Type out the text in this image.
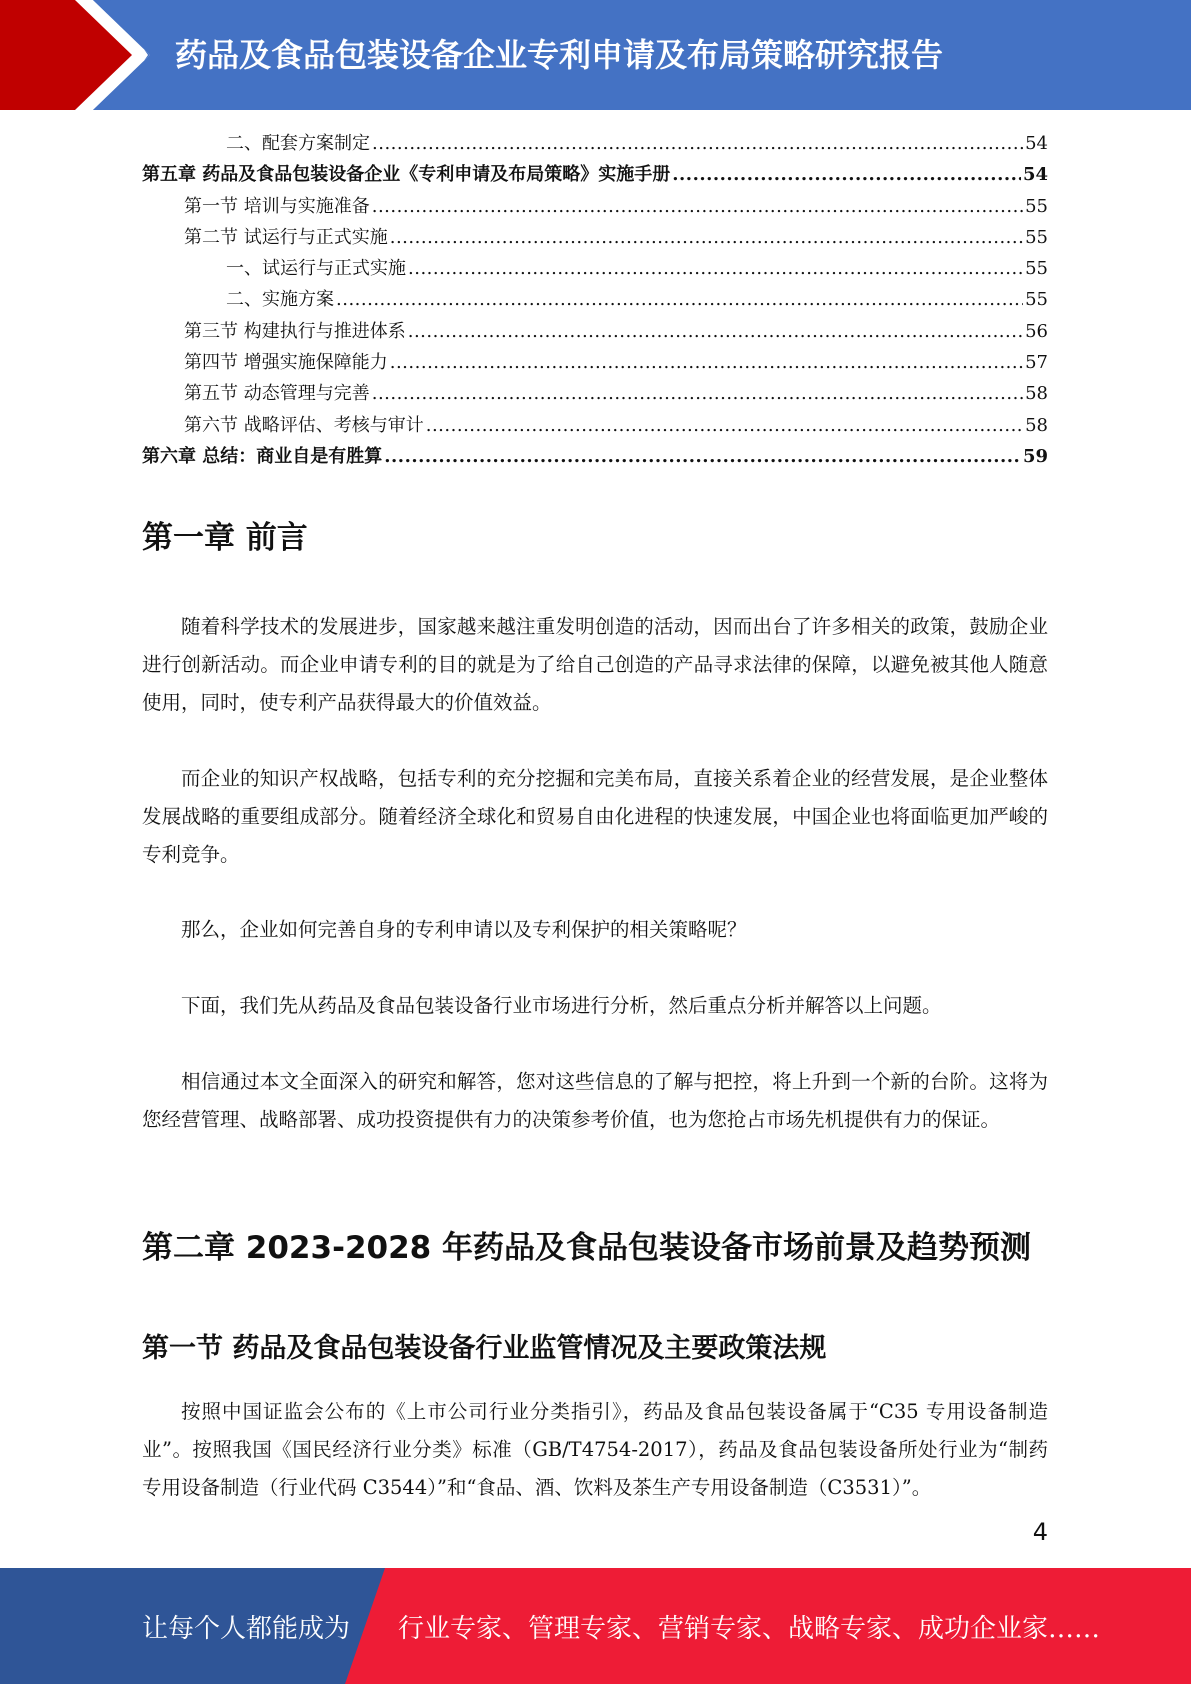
药品及食品包装设备企业专利申请及布局策略研究报告
二、配套方案制定 .....	54
第五章 药品及食品包装设备企业《专利申请及布局策略》实施手册 .....	54
第一节 培训与实施准备 .....	55
第二节 试运行与正式实施 .....	55
一、试运行与正式实施 .....	55
二、实施方案 .....	55
第三节 构建执行与推进体系 .....	56
第四节 增强实施保障能力 .....	57
第五节 动态管理与完善 .....	58
第六节 战略评估、考核与审计 .....	58
第六章 总结：商业自是有胜算 .....	59
第一章 前言

随着科学技术的发展进步，国家越来越注重发明创造的活动，因而出台了许多相关的政策，鼓励企业进行创新活动。而企业申请专利的目的就是为了给自己创造的产品寻求法律的保障，以避免被其他人随意使用，同时，使专利产品获得最大的价值效益。

而企业的知识产权战略，包括专利的充分挖掘和完美布局，直接关系着企业的经营发展，是企业整体发展战略的重要组成部分。随着经济全球化和贸易自由化进程的快速发展，中国企业也将面临更加严峻的专利竞争。

那么，企业如何完善自身的专利申请以及专利保护的相关策略呢？

下面，我们先从药品及食品包装设备行业市场进行分析，然后重点分析并解答以上问题。

相信通过本文全面深入的研究和解答，您对这些信息的了解与把控，将上升到一个新的台阶。这将为您经营管理、战略部署、成功投资提供有力的决策参考价值，也为您抢占市场先机提供有力的保证。

第二章 2023-2028 年药品及食品包装设备市场前景及趋势预测
第一节 药品及食品包装设备行业监管情况及主要政策法规

按照中国证监会公布的《上市公司行业分类指引》，药品及食品包装设备属于“C35 专用设备制造业”。按照我国《国民经济行业分类》标准（GB/T4754-2017），药品及食品包装设备所处行业为“制药专用设备制造（行业代码 C3544）”和“食品、酒、饮料及茶生产专用设备制造（C3531）”。

4
让每个人都能成为 行业专家、管理专家、营销专家、战略专家、成功企业家……
